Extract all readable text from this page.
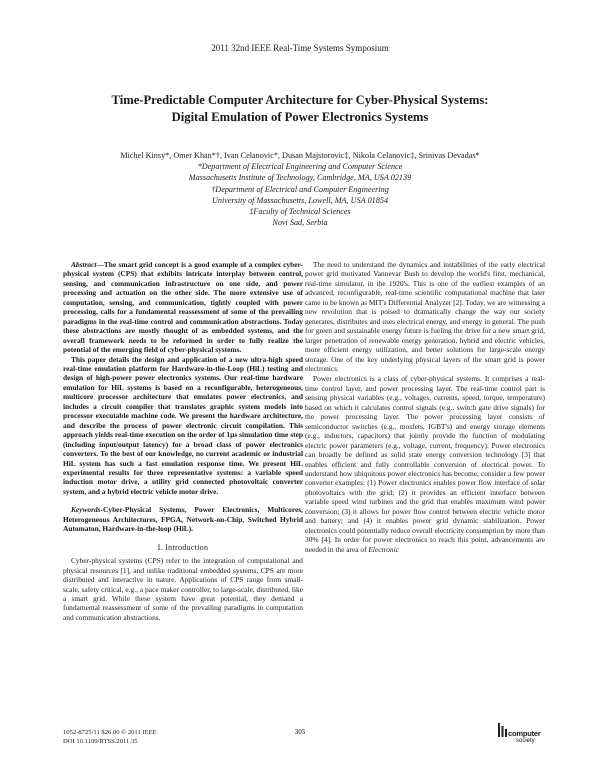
2011 32nd IEEE Real-Time Systems Symposium
Time-Predictable Computer Architecture for Cyber-Physical Systems:
Digital Emulation of Power Electronics Systems
Michel Kinsy*, Omer Khan*†, Ivan Celanovic*, Dusan Majstorovic‡, Nikola Celanovic‡, Srinivas Devadas*
*Department of Electrical Engineering and Computer Science
Massachusetts Institute of Technology, Cambridge, MA, USA 02139
†Department of Electrical and Computer Engineering
University of Massachusetts, Lowell, MA, USA 01854
‡Faculty of Technical Sciences
Novi Sad, Serbia

Abstract—The smart grid concept is a good example of a complex cyber-physical system (CPS) that exhibits intricate interplay between control, sensing, and communication infrastructure on one side, and power processing and actuation on the other side. The more extensive use of computation, sensing, and communication, tightly coupled with power processing, calls for a fundamental reassessment of some of the prevailing paradigms in the real-time control and communication abstractions. Today these abstractions are mostly thought of as embedded systems, and the overall framework needs to be reformed in order to fully realize the potential of the emerging field of cyber-physical systems.

This paper details the design and application of a new ultra-high speed real-time emulation platform for Hardware-in-the-Loop (HiL) testing and design of high-power power electronics systems. Our real-time hardware emulation for HiL systems is based on a reconfigurable, heterogeneous, multicore processor architecture that emulates power electronics, and includes a circuit compiler that translates graphic system models into processor executable machine code. We present the hardware architecture, and describe the process of power electronic circuit compilation. This approach yields real-time execution on the order of 1μs simulation time step (including input/output latency) for a broad class of power electronics converters. To the best of our knowledge, no current academic or industrial HiL system has such a fast emulation response time. We present HiL experimental results for three representative systems: a variable speed induction motor drive, a utility grid connected photovoltaic converter system, and a hybrid electric vehicle motor drive.

Keywords-Cyber-Physical Systems, Power Electronics, Multicores, Heterogeneous Architectures, FPGA, Network-on-Chip, Switched Hybrid Automaton, Hardware-in-the-loop (HiL).
I. Introduction

Cyber-physical systems (CPS) refer to the integration of computational and physical resources [1], and unlike traditional embedded systems, CPS are more distributed and interactive in nature. Applications of CPS range from small-scale, safety critical, e.g., a pace maker controller, to large-scale, distributed, like a smart grid. While these system have great potential, they demand a fundamental reassessment of some of the prevailing paradigms in computation and communication abstractions.

The need to understand the dynamics and instabilities of the early electrical power grid motivated Vannevar Bush to develop the world's first, mechanical, real-time simulator, in the 1920's. This is one of the earliest examples of an advanced, reconfigurable, real-time scientific computational machine that later came to be known as MIT's Differential Analyzer [2]. Today, we are witnessing a new revolution that is poised to dramatically change the way our society generates, distributes and uses electrical energy, and energy in general. The push for green and sustainable energy future is fueling the drive for a new smart grid, larger penetration of renewable energy generation, hybrid and electric vehicles, more efficient energy utilization, and better solutions for large-scale energy storage. One of the key underlying physical layers of the smart grid is power electronics.

Power electronics is a class of cyber-physical systems. It comprises a real-time control layer, and power processing layer. The real-time control part is sensing physical variables (e.g., voltages, currents, speed, torque, temperature) based on which it calculates control signals (e.g., switch gate drive signals) for the power processing layer. The power processing layer consists of semiconductor switches (e.g., mosfets, IGBT's) and energy storage elements (e.g., inductors, capacitors) that jointly provide the function of modulating electric power parameters (e.g., voltage, current, frequency). Power electronics can broadly be defined as solid state energy conversion technology [3] that enables efficient and fully controllable conversion of electrical power. To understand how ubiquitous power electronics has become, consider a few power converter examples: (1) Power electronics enables power flow interface of solar photovoltaics with the grid; (2) it provides an efficient interface between variable speed wind turbines and the grid that enables maximum wind power conversion; (3) it allows for power flow control between electric vehicle motor and battery; and (4) it enables power grid dynamic stabilization. Power electronics could potentially reduce overall electricity consumption by more than 30% [4]. In order for power electronics to reach this point, advancements are needed in the area of Electronic

1052-8725/11 $26.00 © 2011 IEEE
DOI 10.1109/RTSS.2011.35
305	computer
society
